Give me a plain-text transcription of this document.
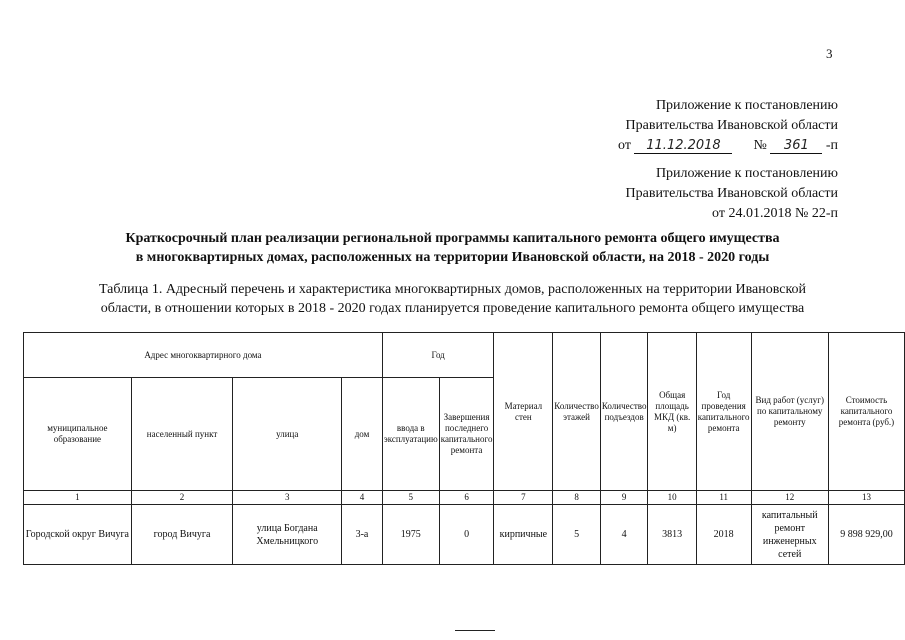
3
Приложение к постановлению
Правительства Ивановской области
от 11.12.2018 № 361 -п
Приложение к постановлению
Правительства Ивановской области
от 24.01.2018 № 22-п
Краткосрочный план реализации региональной программы капитального ремонта общего имущества
в многоквартирных домах, расположенных на территории Ивановской области, на 2018 - 2020 годы
Таблица 1. Адресный перечень и характеристика многоквартирных домов, расположенных на территории Ивановской
области, в отношении которых в 2018 - 2020 годах планируется проведение капитального ремонта общего имущества
Адрес многоквартирного дома				Год		Материал стен	Количество этажей	Количество подъездов	Общая площадь МКД (кв. м)	Год проведения капитального ремонта	Вид работ (услуг) по капитальному ремонту	Стоимость капитального ремонта (руб.)
муниципальное образование	населенный пункт	улица	дом	ввода в эксплуатацию	Завершения последнего капитального ремонта							
1	2	3	4	5	6	7	8	9	10	11	12	13
Городской округ Вичуга	город Вичуга	улица Богдана Хмельницкого	3-а	1975	0	кирпичные	5	4	3813	2018	капитальный ремонт инженерных сетей	9 898 929,00
